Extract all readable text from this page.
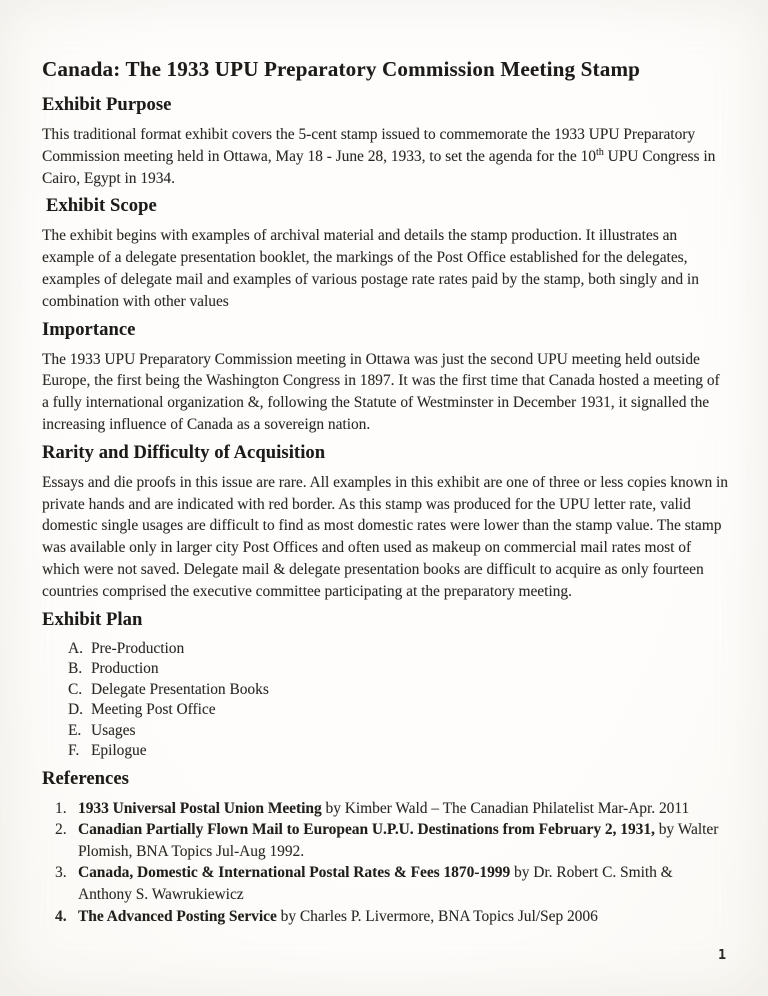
Canada: The 1933 UPU Preparatory Commission Meeting Stamp
Exhibit Purpose

This traditional format exhibit covers the 5-cent stamp issued to commemorate the 1933 UPU Preparatory Commission meeting held in Ottawa, May 18 - June 28, 1933, to set the agenda for the 10th UPU Congress in Cairo, Egypt in 1934.

Exhibit Scope

The exhibit begins with examples of archival material and details the stamp production. It illustrates an example of a delegate presentation booklet, the markings of the Post Office established for the delegates, examples of delegate mail and examples of various postage rate rates paid by the stamp, both singly and in combination with other values

Importance

The 1933 UPU Preparatory Commission meeting in Ottawa was just the second UPU meeting held outside Europe, the first being the Washington Congress in 1897. It was the first time that Canada hosted a meeting of a fully international organization &, following the Statute of Westminster in December 1931, it signalled the increasing influence of Canada as a sovereign nation.

Rarity and Difficulty of Acquisition

Essays and die proofs in this issue are rare. All examples in this exhibit are one of three or less copies known in private hands and are indicated with red border. As this stamp was produced for the UPU letter rate, valid domestic single usages are difficult to find as most domestic rates were lower than the stamp value. The stamp was available only in larger city Post Offices and often used as makeup on commercial mail rates most of which were not saved. Delegate mail & delegate presentation books are difficult to acquire as only fourteen countries comprised the executive committee participating at the preparatory meeting.

Exhibit Plan
A. Pre-Production
B. Production
C. Delegate Presentation Books
D. Meeting Post Office
E. Usages
F. Epilogue
References
1. 1933 Universal Postal Union Meeting by Kimber Wald – The Canadian Philatelist Mar-Apr. 2011
2. Canadian Partially Flown Mail to European U.P.U. Destinations from February 2, 1931, by Walter Plomish, BNA Topics Jul-Aug 1992.
3. Canada, Domestic & International Postal Rates & Fees 1870-1999 by Dr. Robert C. Smith & Anthony S. Wawrukiewicz
4. The Advanced Posting Service by Charles P. Livermore, BNA Topics Jul/Sep 2006
1
